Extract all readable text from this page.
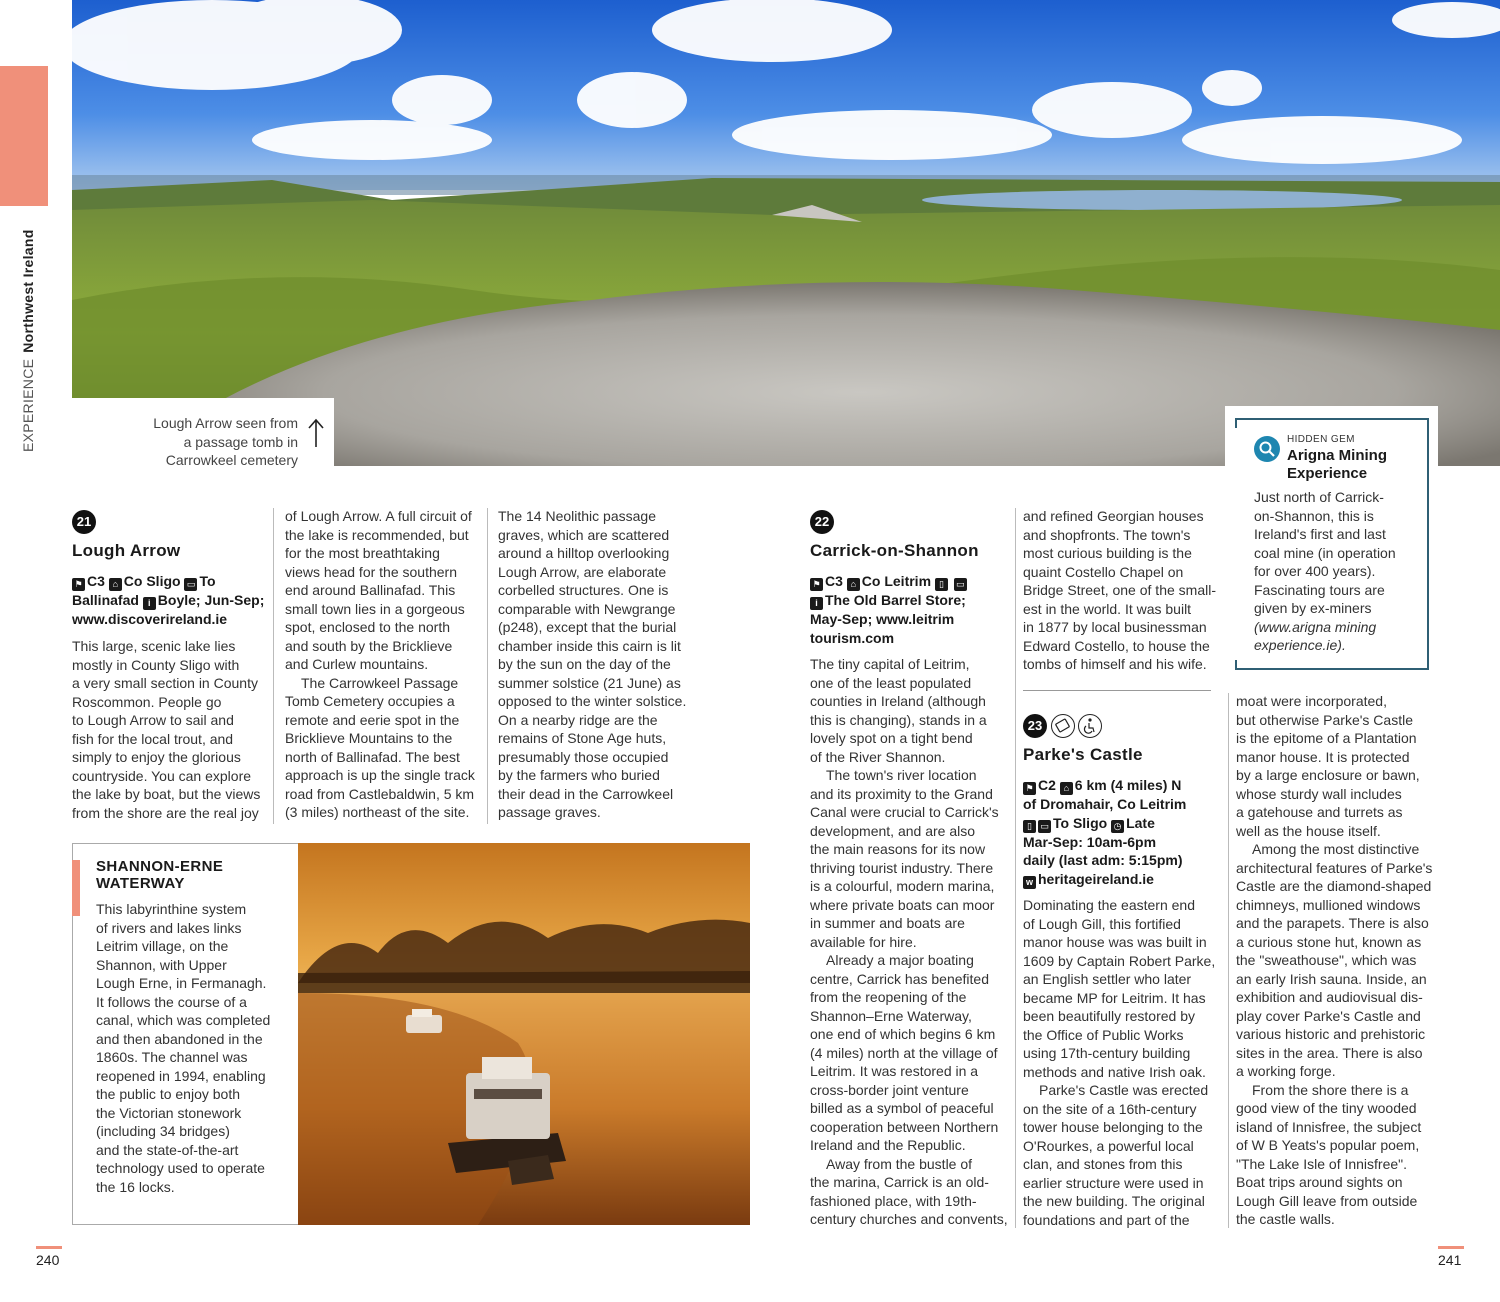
EXPERIENCENorthwest Ireland
Lough Arrow seen from
a passage tomb in
Carrowkeel cemetery
21
Lough Arrow
⚑ C3 ⌂ Co Sligo ▭ To
Ballinafad i Boyle; Jun-Sep;
www.discoverireland.ie

This large, scenic lake lies

mostly in County Sligo with

a very small section in County

Roscommon. People go

to Lough Arrow to sail and

fish for the local trout, and

simply to enjoy the glorious

countryside. You can explore

the lake by boat, but the views

from the shore are the real joy

of Lough Arrow. A full circuit of

the lake is recommended, but

for the most breathtaking

views head for the southern

end around Ballinafad. This

small town lies in a gorgeous

spot, enclosed to the north

and south by the Bricklieve

and Curlew mountains.

The Carrowkeel Passage

Tomb Cemetery occupies a

remote and eerie spot in the

Bricklieve Mountains to the

north of Ballinafad. The best

approach is up the single track

road from Castlebaldwin, 5 km

(3 miles) northeast of the site.

The 14 Neolithic passage

graves, which are scattered

around a hilltop overlooking

Lough Arrow, are elaborate

corbelled structures. One is

comparable with Newgrange

(p248), except that the burial

chamber inside this cairn is lit

by the sun on the day of the

summer solstice (21 June) as

opposed to the winter solstice.

On a nearby ridge are the

remains of Stone Age huts,

presumably those occupied

by the farmers who buried

their dead in the Carrowkeel

passage graves.

SHANNON-ERNE WATERWAY
This labyrinthine system
of rivers and lakes links
Leitrim village, on the
Shannon, with Upper
Lough Erne, in Fermanagh.
It follows the course of a
canal, which was completed
and then abandoned in the
1860s. The channel was
reopened in 1994, enabling
the public to enjoy both
the Victorian stonework
(including 34 bridges)
and the state-of-the-art
technology used to operate
the 16 locks.
22
Carrick-on-Shannon
⚑ C3 ⌂ Co Leitrim ▯ ▭
i The Old Barrel Store;
May-Sep; www.leitrim
tourism.com

The tiny capital of Leitrim,

one of the least populated

counties in Ireland (although

this is changing), stands in a

lovely spot on a tight bend

of the River Shannon.

The town's river location

and its proximity to the Grand

Canal were crucial to Carrick's

development, and are also

the main reasons for its now

thriving tourist industry. There

is a colourful, modern marina,

where private boats can moor

in summer and boats are

available for hire.

Already a major boating

centre, Carrick has benefited

from the reopening of the

Shannon–Erne Waterway,

one end of which begins 6 km

(4 miles) north at the village of

Leitrim. It was restored in a

cross-border joint venture

billed as a symbol of peaceful

cooperation between Northern

Ireland and the Republic.

Away from the bustle of

the marina, Carrick is an old-

fashioned place, with 19th-

century churches and convents,

and refined Georgian houses

and shopfronts. The town's

most curious building is the

quaint Costello Chapel on

Bridge Street, one of the small-

est in the world. It was built

in 1877 by local businessman

Edward Costello, to house the

tombs of himself and his wife.

23
Parke's Castle
⚑ C2 ⌂ 6 km (4 miles) N
of Dromahair, Co Leitrim
▯ ▭ To Sligo ◷ Late
Mar-Sep: 10am-6pm
daily (last adm: 5:15pm)
w heritageireland.ie

Dominating the eastern end

of Lough Gill, this fortified

manor house was was built in

1609 by Captain Robert Parke,

an English settler who later

became MP for Leitrim. It has

been beautifully restored by

the Office of Public Works

using 17th-century building

methods and native Irish oak.

Parke's Castle was erected

on the site of a 16th-century

tower house belonging to the

O'Rourkes, a powerful local

clan, and stones from this

earlier structure were used in

the new building. The original

foundations and part of the

moat were incorporated,

but otherwise Parke's Castle

is the epitome of a Plantation

manor house. It is protected

by a large enclosure or bawn,

whose sturdy wall includes

a gatehouse and turrets as

well as the house itself.

Among the most distinctive

architectural features of Parke's

Castle are the diamond-shaped

chimneys, mullioned windows

and the parapets. There is also

a curious stone hut, known as

the "sweathouse", which was

an early Irish sauna. Inside, an

exhibition and audiovisual dis-

play cover Parke's Castle and

various historic and prehistoric

sites in the area. There is also

a working forge.

From the shore there is a

good view of the tiny wooded

island of Innisfree, the subject

of W B Yeats's popular poem,

"The Lake Isle of Innisfree".

Boat trips around sights on

Lough Gill leave from outside

the castle walls.

HIDDEN GEM
Arigna Mining
Experience
Just north of Carrick-
on-Shannon, this is
Ireland's first and last
coal mine (in operation
for over 400 years).
Fascinating tours are
given by ex-miners
(www.arigna mining
experience.ie).
240	241
